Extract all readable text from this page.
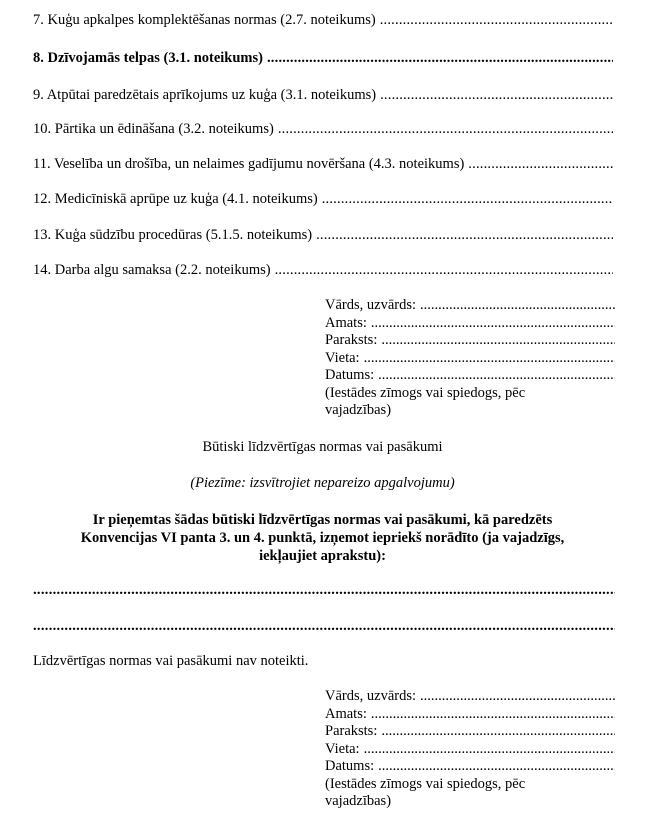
7. Kuģu apkalpes komplektēšanas normas (2.7. noteikums)
.....
8. Dzīvojamās telpas (3.1. noteikums)
.....
9. Atpūtai paredzētais aprīkojums uz kuģa (3.1. noteikums)
.....
10. Pārtika un ēdināšana (3.2. noteikums)
.....
11. Veselība un drošība, un nelaimes gadījumu novēršana (4.3. noteikums)
.....
12. Medicīniskā aprūpe uz kuģa (4.1. noteikums)
.....
13. Kuģa sūdzību procedūras (5.1.5. noteikums)
.....
14. Darba algu samaksa (2.2. noteikums)
.....
Vārds, uzvārds:
.....
Amats:
.....
Paraksts:
.....
Vieta:
.....
Datums:
.....
(Iestādes zīmogs vai spiedogs, pēc
vajadzības)
Būtiski līdzvērtīgas normas vai pasākumi
(Piezīme: izsvītrojiet nepareizo apgalvojumu)
Ir pieņemtas šādas būtiski līdzvērtīgas normas vai pasākumi, kā paredzēts
Konvencijas VI panta 3. un 4. punktā, izņemot iepriekš norādīto (ja vajadzīgs,
iekļaujiet aprakstu):
.....
.....
Līdzvērtīgas normas vai pasākumi nav noteikti.
Vārds, uzvārds:
.....
Amats:
.....
Paraksts:
.....
Vieta:
.....
Datums:
.....
(Iestādes zīmogs vai spiedogs, pēc
vajadzības)
